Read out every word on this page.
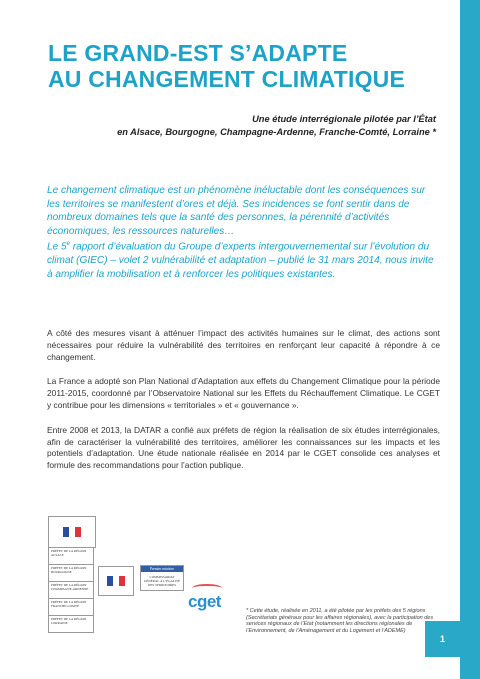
1
LE GRAND-EST S’ADAPTE
AU CHANGEMENT CLIMATIQUE
Une étude interrégionale pilotée par l’État
en Alsace, Bourgogne, Champagne-Ardenne, Franche-Comté, Lorraine *

Le changement climatique est un phénomène inéluctable dont les conséquences sur les territoires se manifestent d’ores et déjà. Ses incidences se font sentir dans de nombreux domaines tels que la santé des personnes, la pérennité d’activités économiques, les ressources naturelles…

Le 5e rapport d’évaluation du Groupe d’experts intergouvernemental sur l’évolution du climat (GIEC) – volet 2 vulnérabilité et adaptation – publié le 31 mars 2014, nous invite à amplifier la mobilisation et à renforcer les politiques existantes.

A côté des mesures visant à atténuer l’impact des activités humaines sur le climat, des actions sont nécessaires pour réduire la vulnérabilité des territoires en renforçant leur capacité à répondre à ce changement.

La France a adopté son Plan National d’Adaptation aux effets du Changement Climatique pour la période 2011-2015, coordonné par l’Observatoire National sur les Effets du Réchauffement Climatique. Le CGET y contribue pour les dimensions « territoriales » et « gouvernance ».

Entre 2008 et 2013, la DATAR a confié aux préfets de région la réalisation de six études interrégionales, afin de caractériser la vulnérabilité des territoires, améliorer les connaissances sur les impacts et les potentiels d’adaptation. Une étude nationale réalisée en 2014 par le CGET consolide ces analyses et formule des recommandations pour l’action publique.

PRÉFET DE LA RÉGION ALSACE
PRÉFET DE LA RÉGION BOURGOGNE
PRÉFET DE LA RÉGION CHAMPAGNE-ARDENNE
PRÉFET DE LA RÉGION FRANCHE-COMTÉ
PRÉFET DE LA RÉGION LORRAINE
Premier ministre
COMMISSARIAT GÉNÉRAL À L’ÉGALITÉ DES TERRITOIRES
cget	* Cette étude, réalisée en 2011, a été pilotée par les préfets des 5 régions (Secrétariats généraux pour les affaires régionales), avec la participation des services régionaux de l’État (notamment les directions régionales de l’Environnement, de l’Aménagement et du Logement et l’ADEME)
